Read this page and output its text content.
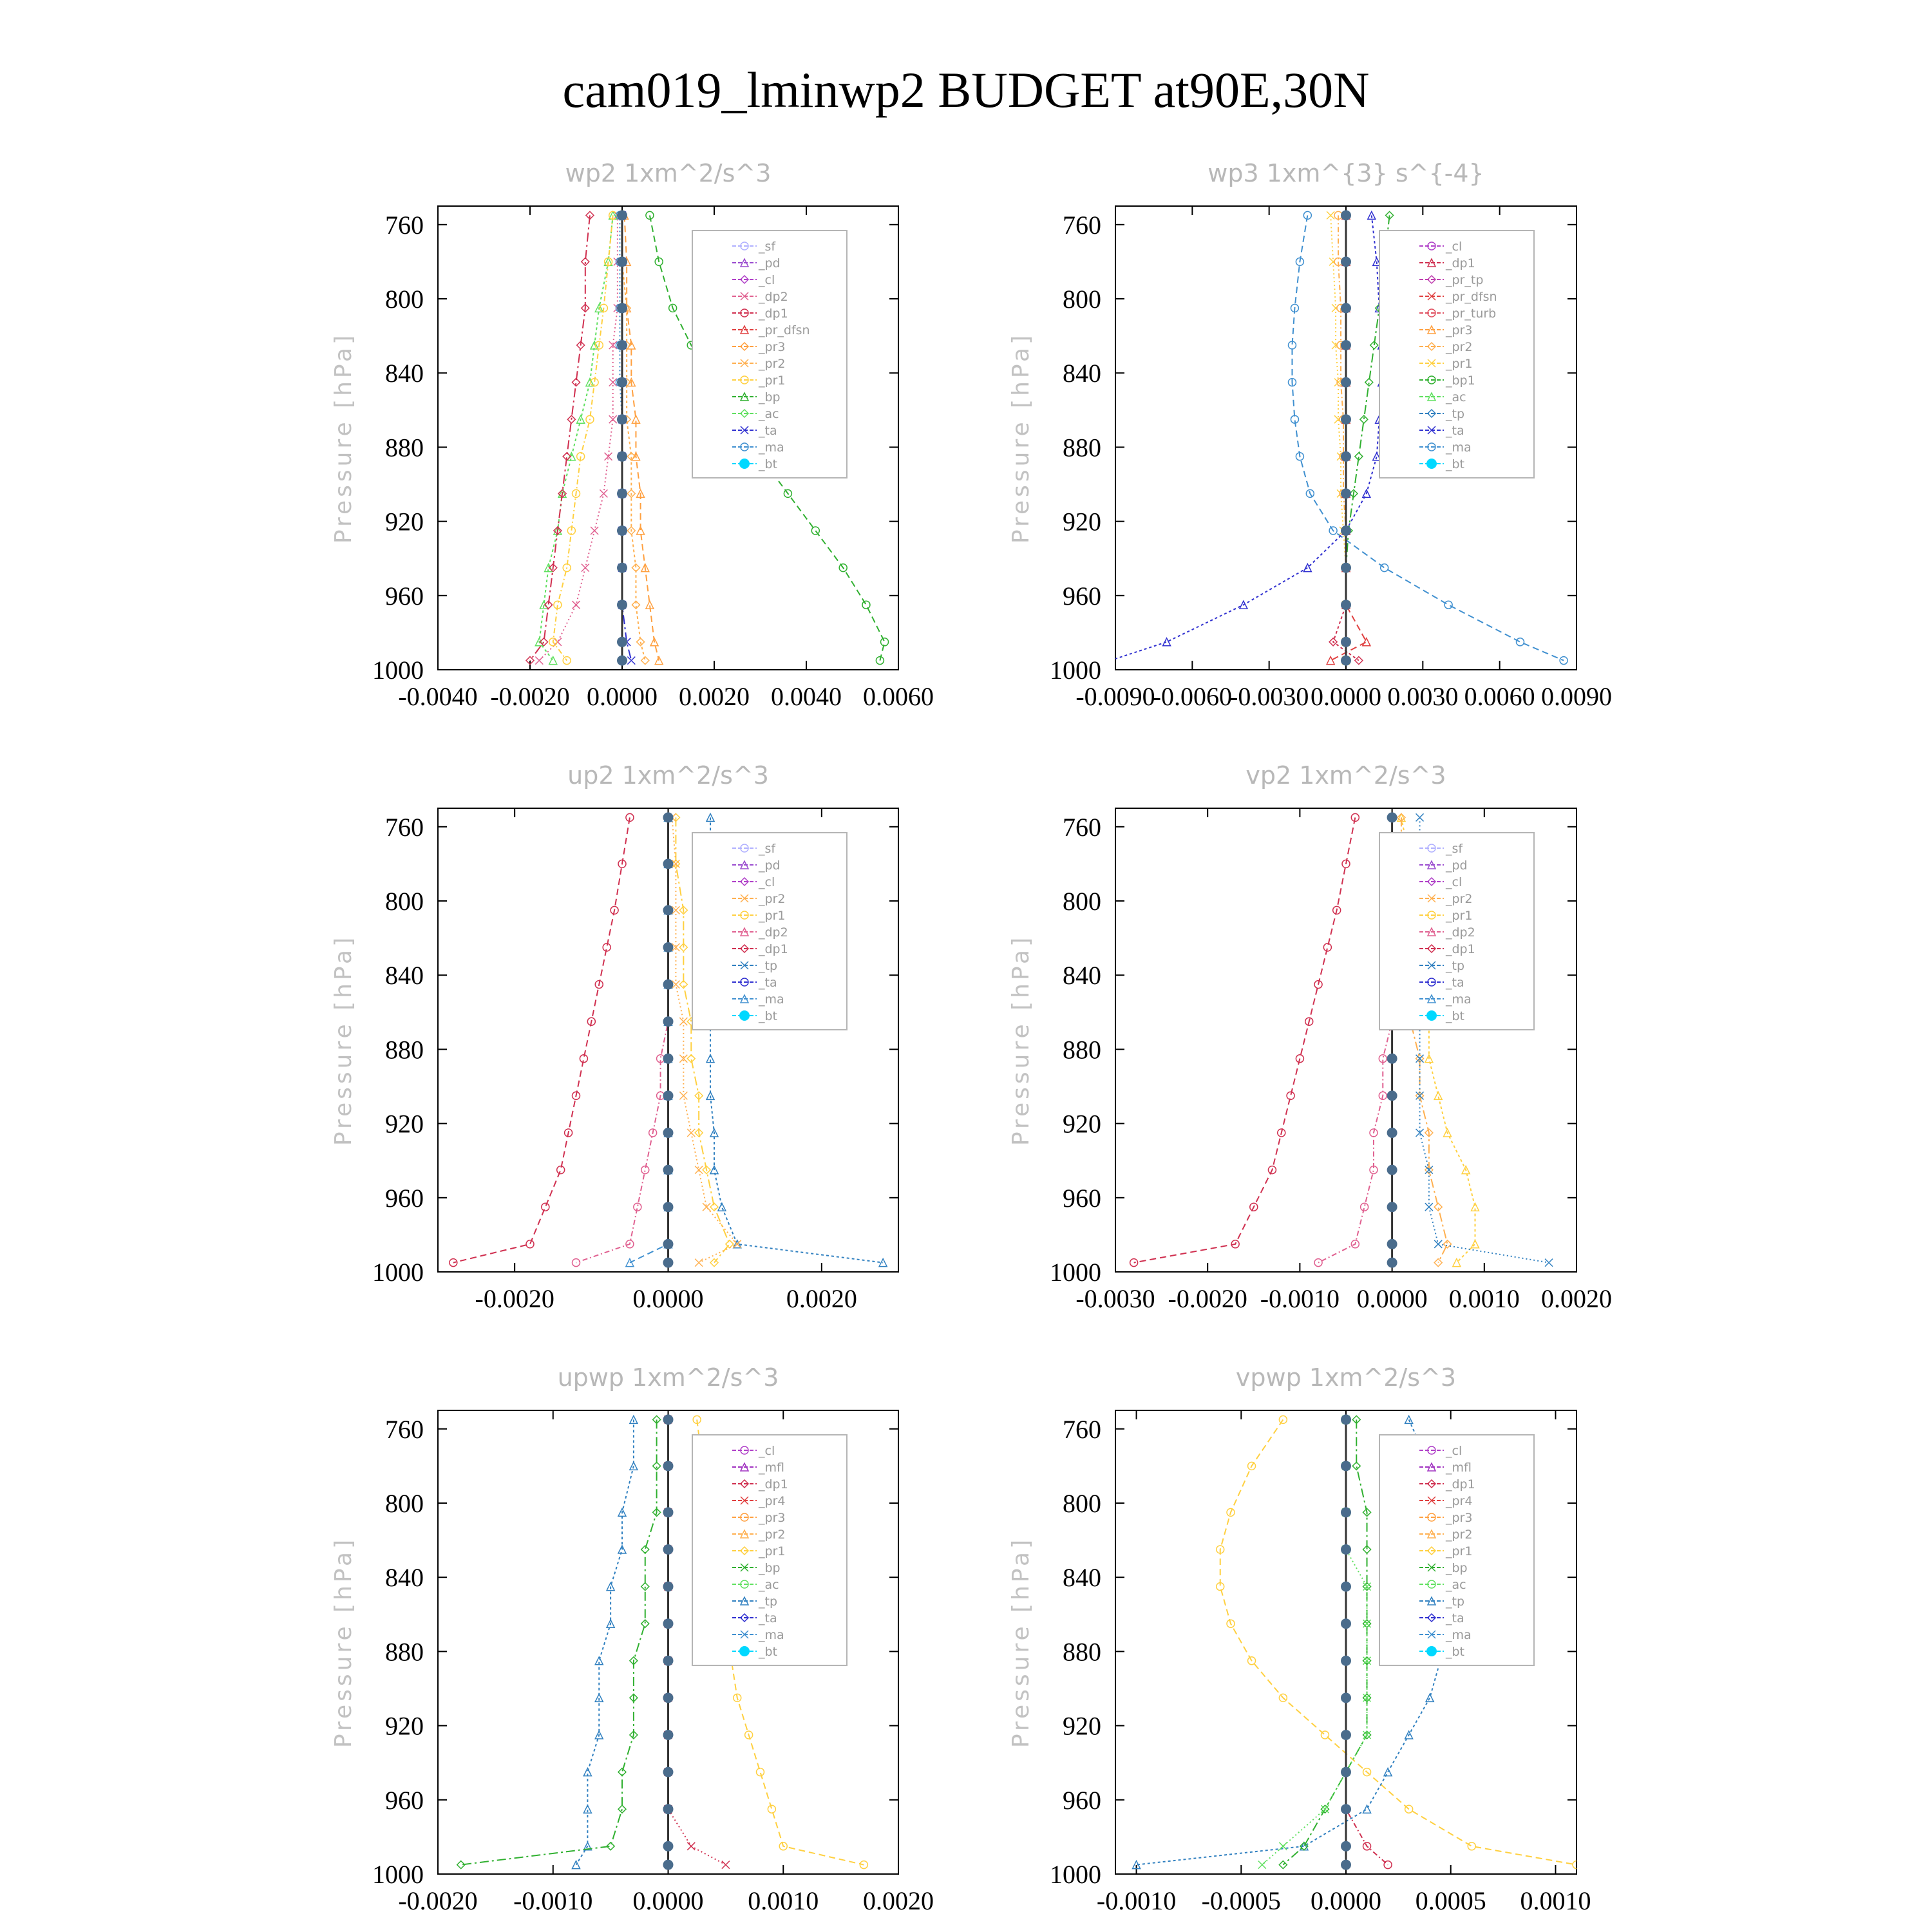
cam019_lminwp2 BUDGET at90E,30N
wp2 1xm^2/s^3
Pressure [hPa]
760
800
840
880
920
960
1000
-0.0040 -0.0020 0.0000 0.0020 0.0040 0.0060
_sf
_pd
_cl
_dp2
_dp1
_pr_dfsn
_pr3
_pr2
_pr1
_bp
_ac
_ta
_ma
_bt
wp3 1xm^{3} s^{-4}
Pressure [hPa]
760
800
840
880
920
960
1000
-0.0090
-0.0060
-0.0030 0.0000 0.0030 0.0060 0.0090
_cl
_dp1
_pr_tp
_pr_dfsn
_pr_turb
_pr3
_pr2
_pr1
_bp1
_ac
_tp
_ta
_ma
_bt
up2 1xm^2/s^3
Pressure [hPa]
760
800
840
880
920
960
1000
-0.0020	0.0000	0.0020
_sf
_pd
_cl
_pr2
_pr1
_dp2
_dp1
_tp
_ta
_ma
_bt
vp2 1xm^2/s^3
Pressure [hPa]
760
800
840
880
920
960
1000
-0.0030 -0.0020 -0.0010 0.0000 0.0010 0.0020
_sf
_pd
_cl
_pr2
_pr1
_dp2
_dp1
_tp
_ta
_ma
_bt
upwp 1xm^2/s^3
Pressure [hPa]
760
800
840
880
920
960
1000
-0.0020 -0.0010 0.0000 0.0010 0.0020
_cl
_mfl
_dp1
_pr4
_pr3
_pr2
_pr1
_bp
_ac
_tp
_ta
_ma
_bt
vpwp 1xm^2/s^3
Pressure [hPa]
760
800
840
880
920
960
1000
-0.0010 -0.0005 0.0000 0.0005 0.0010
_cl
_mfl
_dp1
_pr4
_pr3
_pr2
_pr1
_bp
_ac
_tp
_ta
_ma
_bt
